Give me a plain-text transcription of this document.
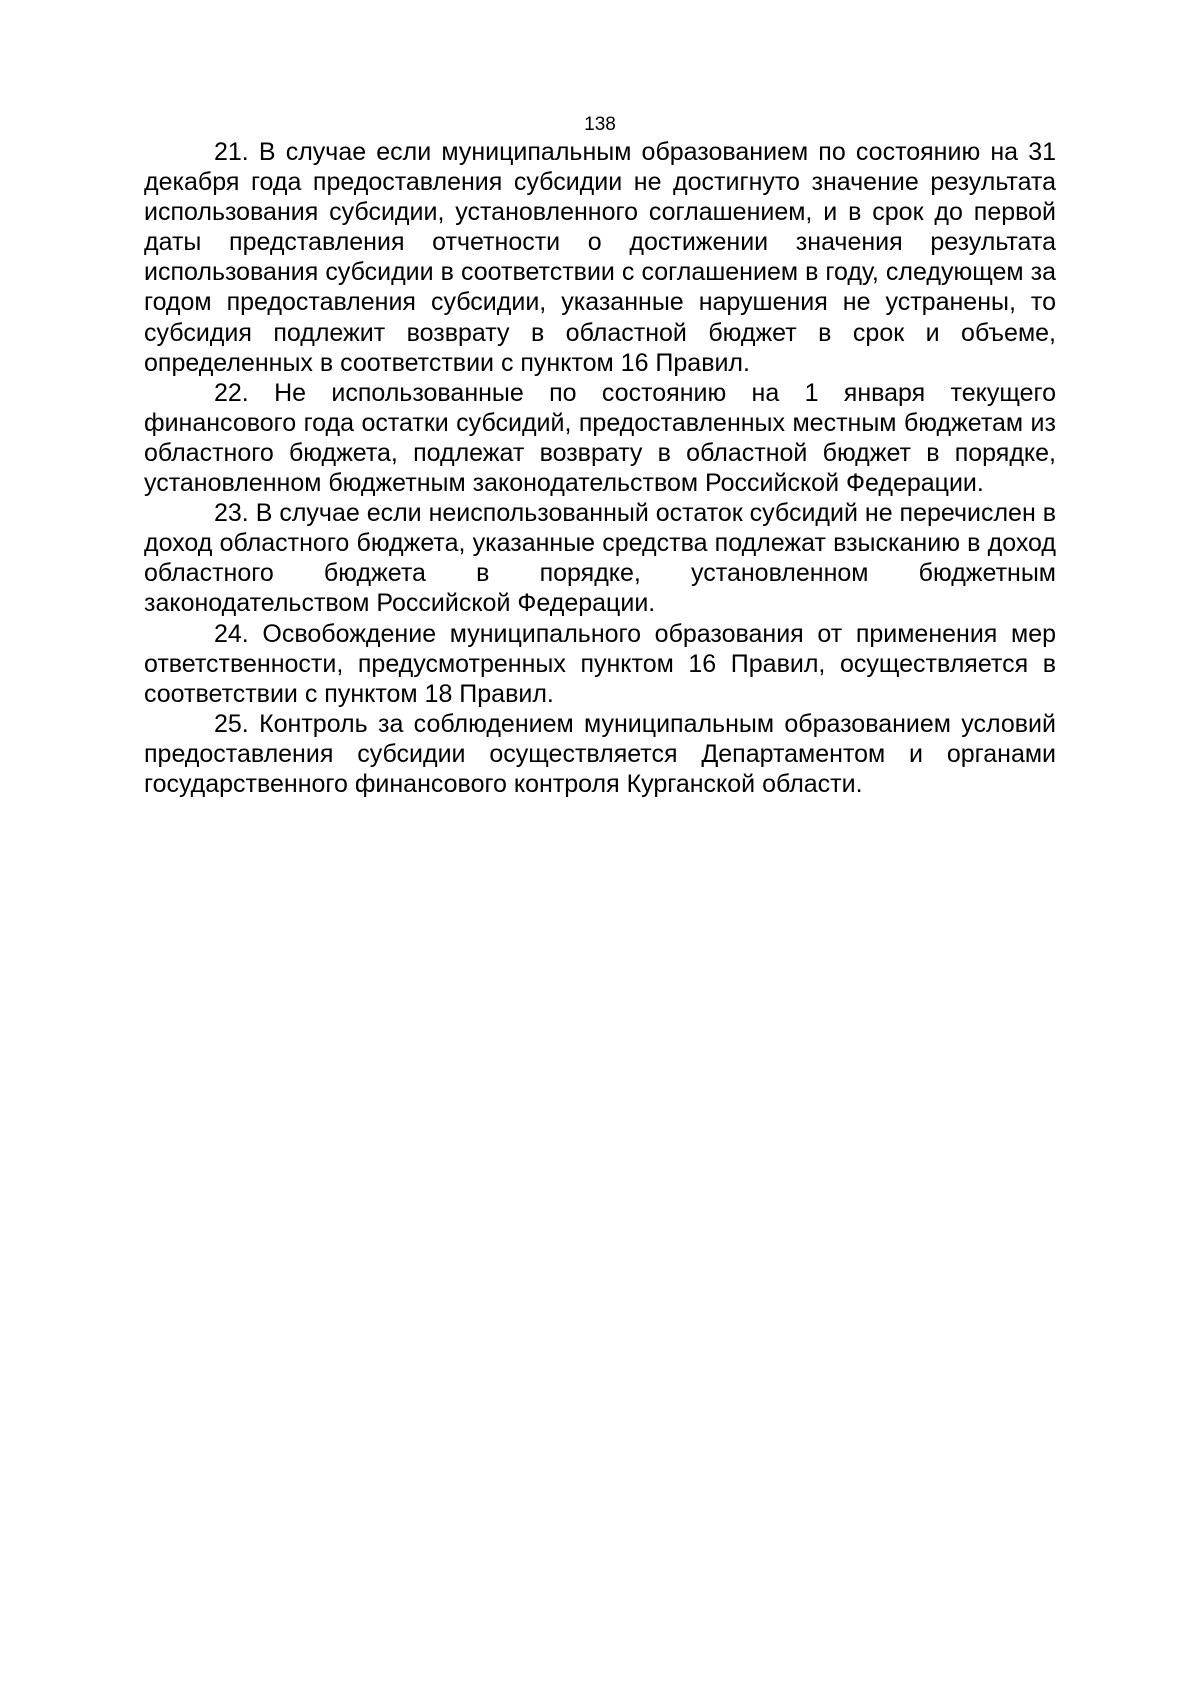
138

21. В случае если муниципальным образованием по состоянию на 31 декабря года предоставления субсидии не достигнуто значение результата использования субсидии, установленного соглашением, и в срок до первой даты представления отчетности о достижении значения результата использования субсидии в соответствии с соглашением в году, следующем за годом предоставления субсидии, указанные нарушения не устранены, то субсидия подлежит возврату в областной бюджет в срок и объеме, определенных в соответствии с пунктом 16 Правил.

22. Не использованные по состоянию на 1 января текущего финансового года остатки субсидий, предоставленных местным бюджетам из областного бюджета, подлежат возврату в областной бюджет в порядке, установленном бюджетным законодательством Российской Федерации.

23. В случае если неиспользованный остаток субсидий не перечислен в доход областного бюджета, указанные средства подлежат взысканию в доход областного бюджета в порядке, установленном бюджетным законодательством Российской Федерации.

24. Освобождение муниципального образования от применения мер ответственности, предусмотренных пунктом 16 Правил, осуществляется в соответствии с пунктом 18 Правил.

25. Контроль за соблюдением муниципальным образованием условий предоставления субсидии осуществляется Департаментом и органами государственного финансового контроля Курганской области.
